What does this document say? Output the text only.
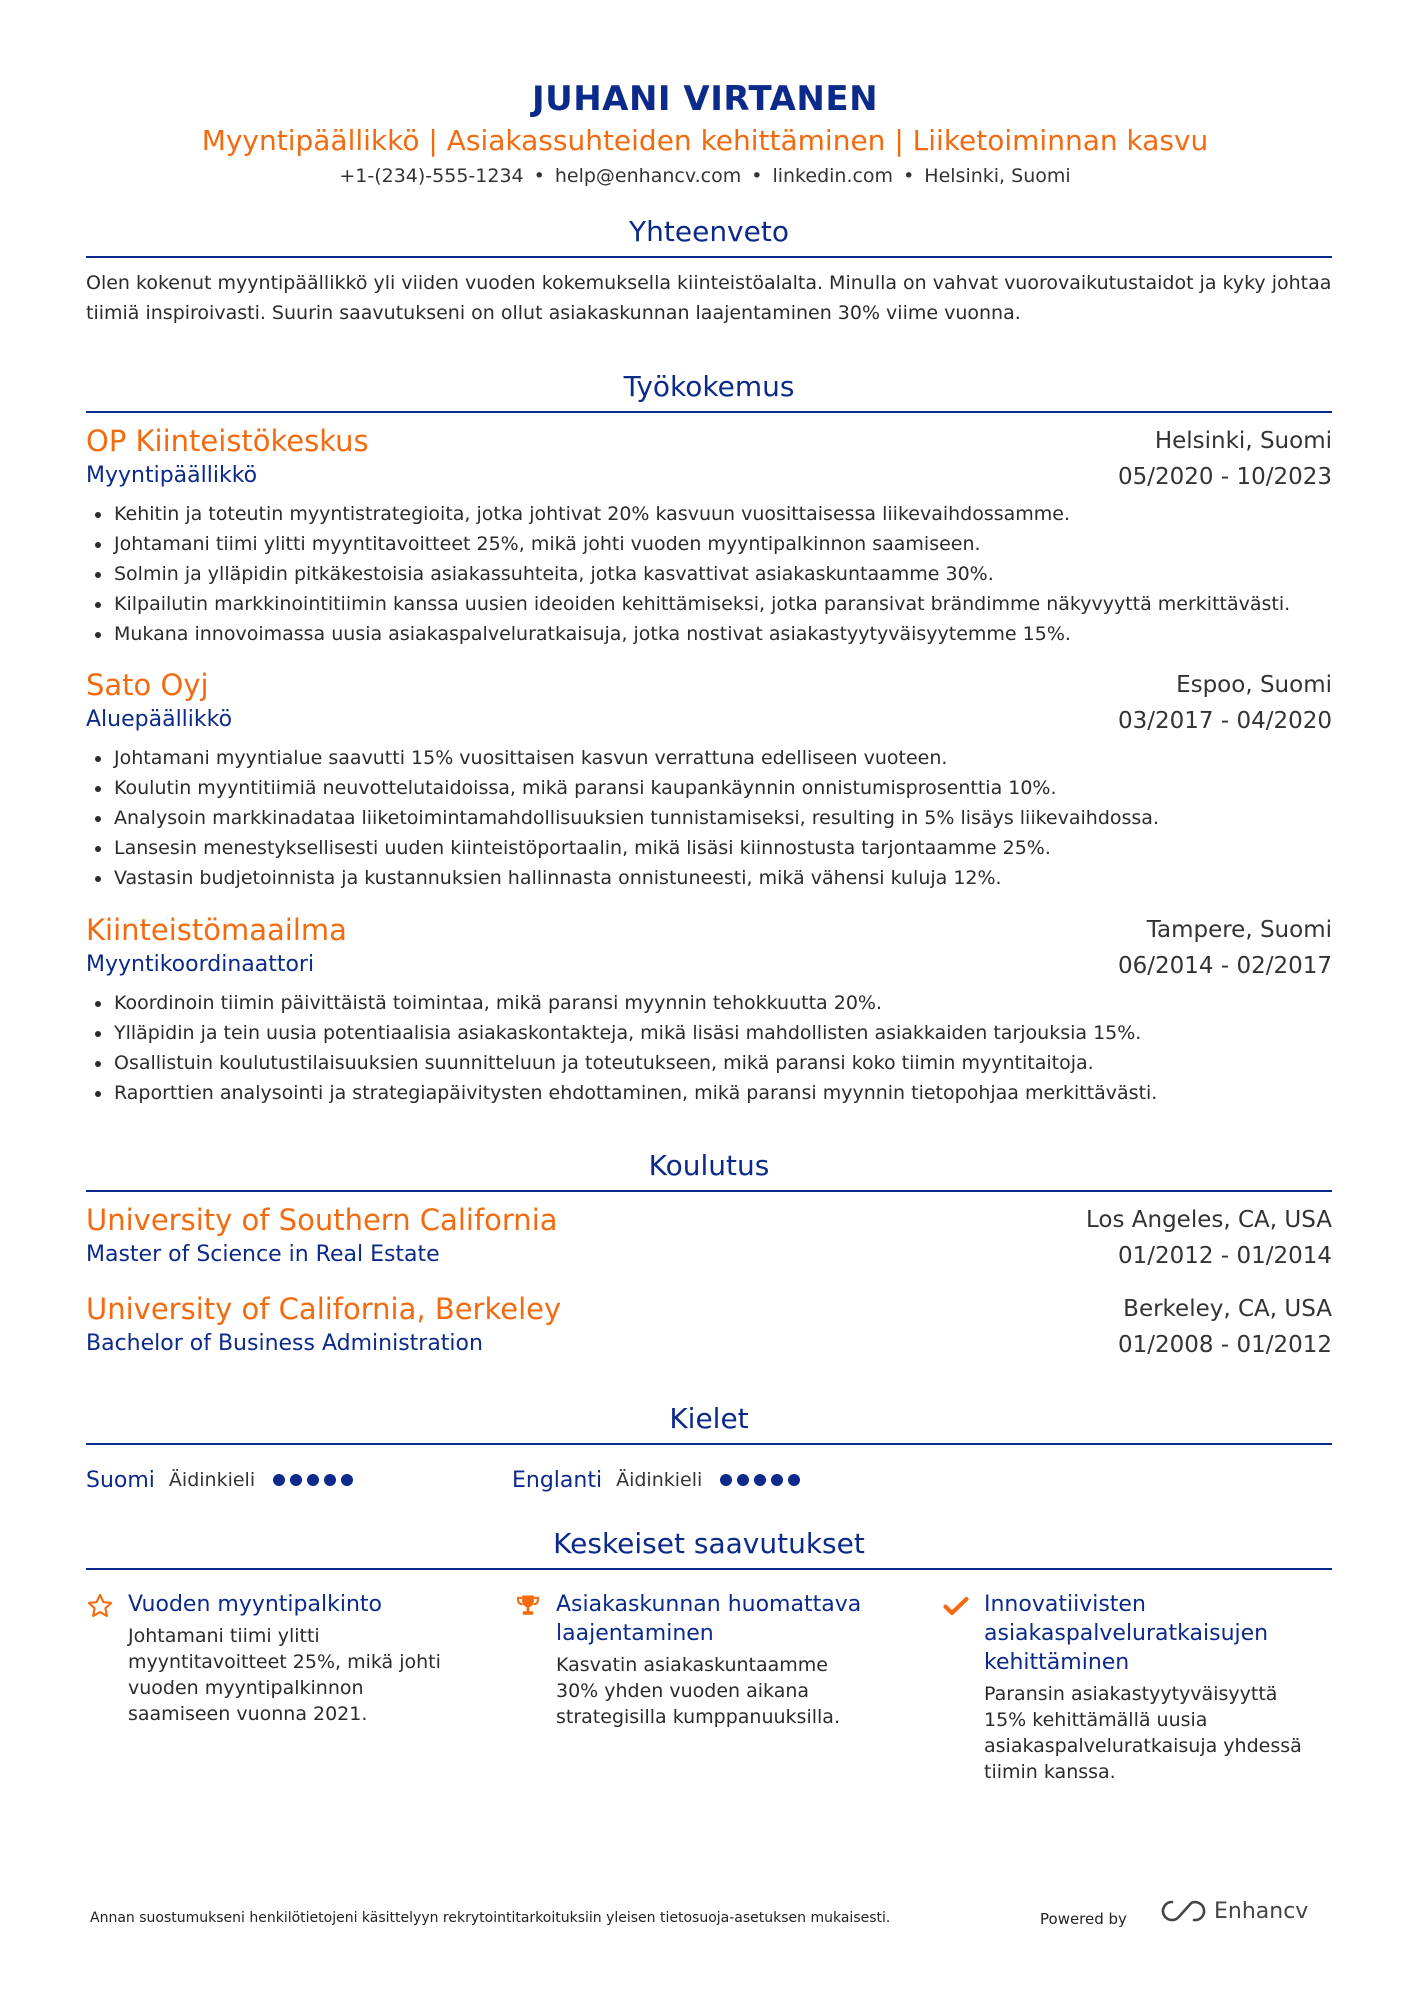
JUHANI VIRTANEN
Myyntipäällikkö | Asiakassuhteiden kehittäminen | Liiketoiminnan kasvu
+1-(234)-555-1234 • help@enhancv.com • linkedin.com • Helsinki, Suomi
Yhteenveto
Olen kokenut myyntipäällikkö yli viiden vuoden kokemuksella kiinteistöalalta. Minulla on vahvat vuorovaikutustaidot ja kyky johtaa tiimiä inspiroivasti. Suurin saavutukseni on ollut asiakaskunnan laajentaminen 30% viime vuonna.
Työkokemus
OP Kiinteistökeskus	Helsinki, Suomi
Myyntipäällikkö	05/2020 - 10/2023
Kehitin ja toteutin myyntistrategioita, jotka johtivat 20% kasvuun vuosittaisessa liikevaihdossamme.
Johtamani tiimi ylitti myyntitavoitteet 25%, mikä johti vuoden myyntipalkinnon saamiseen.
Solmin ja ylläpidin pitkäkestoisia asiakassuhteita, jotka kasvattivat asiakaskuntaamme 30%.
Kilpailutin markkinointitiimin kanssa uusien ideoiden kehittämiseksi, jotka paransivat brändimme näkyvyyttä merkittävästi.
Mukana innovoimassa uusia asiakaspalveluratkaisuja, jotka nostivat asiakastyytyväisyytemme 15%.
Sato Oyj	Espoo, Suomi
Aluepäällikkö	03/2017 - 04/2020
Johtamani myyntialue saavutti 15% vuosittaisen kasvun verrattuna edelliseen vuoteen.
Koulutin myyntitiimiä neuvottelutaidoissa, mikä paransi kaupankäynnin onnistumisprosenttia 10%.
Analysoin markkinadataa liiketoimintamahdollisuuksien tunnistamiseksi, resulting in 5% lisäys liikevaihdossa.
Lansesin menestyksellisesti uuden kiinteistöportaalin, mikä lisäsi kiinnostusta tarjontaamme 25%.
Vastasin budjetoinnista ja kustannuksien hallinnasta onnistuneesti, mikä vähensi kuluja 12%.
Kiinteistömaailma	Tampere, Suomi
Myyntikoordinaattori	06/2014 - 02/2017
Koordinoin tiimin päivittäistä toimintaa, mikä paransi myynnin tehokkuutta 20%.
Ylläpidin ja tein uusia potentiaalisia asiakaskontakteja, mikä lisäsi mahdollisten asiakkaiden tarjouksia 15%.
Osallistuin koulutustilaisuuksien suunnitteluun ja toteutukseen, mikä paransi koko tiimin myyntitaitoja.
Raporttien analysointi ja strategiapäivitysten ehdottaminen, mikä paransi myynnin tietopohjaa merkittävästi.
Koulutus
University of Southern California	Los Angeles, CA, USA
Master of Science in Real Estate	01/2012 - 01/2014
University of California, Berkeley	Berkeley, CA, USA
Bachelor of Business Administration	01/2008 - 01/2012
Kielet
Suomi Äidinkieli	Englanti Äidinkieli
Keskeiset saavutukset
Vuoden myyntipalkinto
Johtamani tiimi ylitti myyntitavoitteet 25%, mikä johti vuoden myyntipalkinnon saamiseen vuonna 2021.
Asiakaskunnan huomattava laajentaminen
Kasvatin asiakaskuntaamme 30% yhden vuoden aikana strategisilla kumppanuuksilla.
Innovatiivisten asiakaspalveluratkaisujen kehittäminen
Paransin asiakastyytyväisyyttä 15% kehittämällä uusia asiakaspalveluratkaisuja yhdessä tiimin kanssa.
Annan suostumukseni henkilötietojeni käsittelyyn rekrytointitarkoituksiin yleisen tietosuoja-asetuksen mukaisesti.	Powered by	Enhancv
